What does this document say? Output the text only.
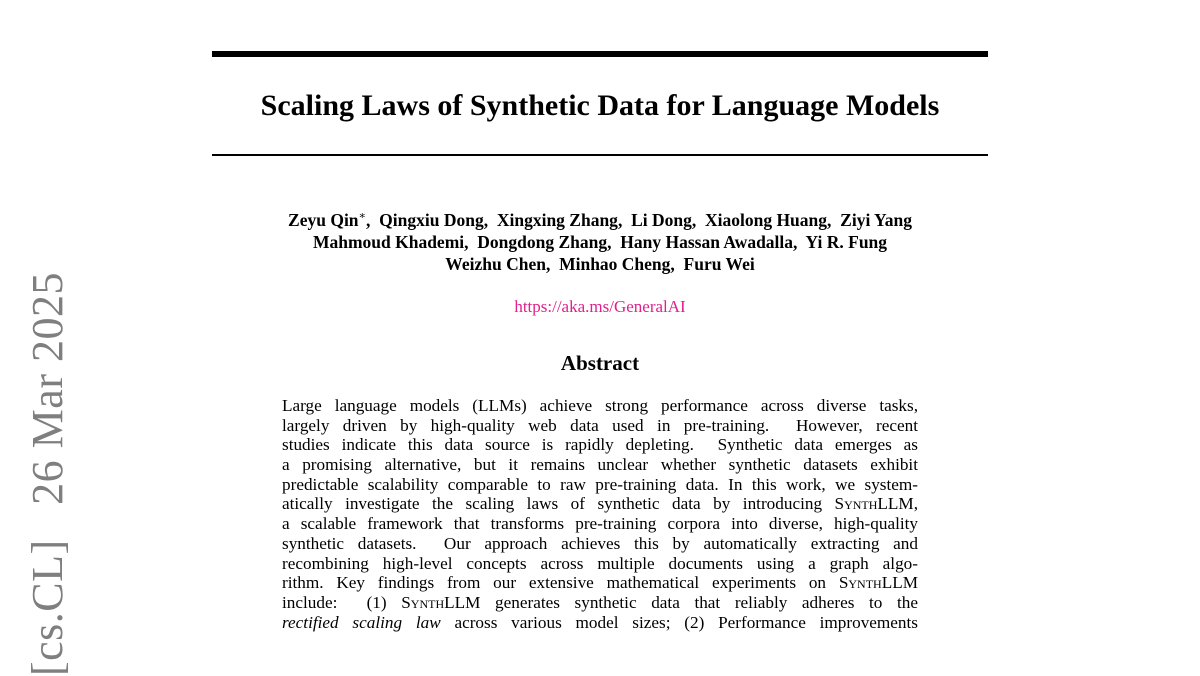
Scaling Laws of Synthetic Data for Language Models
Zeyu Qin∗,  Qingxiu Dong,  Xingxing Zhang,  Li Dong,  Xiaolong Huang,  Ziyi Yang
Mahmoud Khademi,  Dongdong Zhang,  Hany Hassan Awadalla,  Yi R. Fung
Weizhu Chen,  Minhao Cheng,  Furu Wei
https://aka.ms/GeneralAI
Abstract
Large language models (LLMs) achieve strong performance across diverse tasks,
largely driven by high-quality web data used in pre-training.  However, recent
studies indicate this data source is rapidly depleting.  Synthetic data emerges as
a promising alternative, but it remains unclear whether synthetic datasets exhibit
predictable scalability comparable to raw pre-training data. In this work, we system-
atically investigate the scaling laws of synthetic data by introducing SynthLLM,
a scalable framework that transforms pre-training corpora into diverse, high-quality
synthetic datasets.  Our approach achieves this by automatically extracting and
recombining high-level concepts across multiple documents using a graph algo-
rithm. Key findings from our extensive mathematical experiments on SynthLLM
include:  (1) SynthLLM generates synthetic data that reliably adheres to the
rectified scaling law across various model sizes; (2) Performance improvements
[cs.CL]   26 Mar 2025
